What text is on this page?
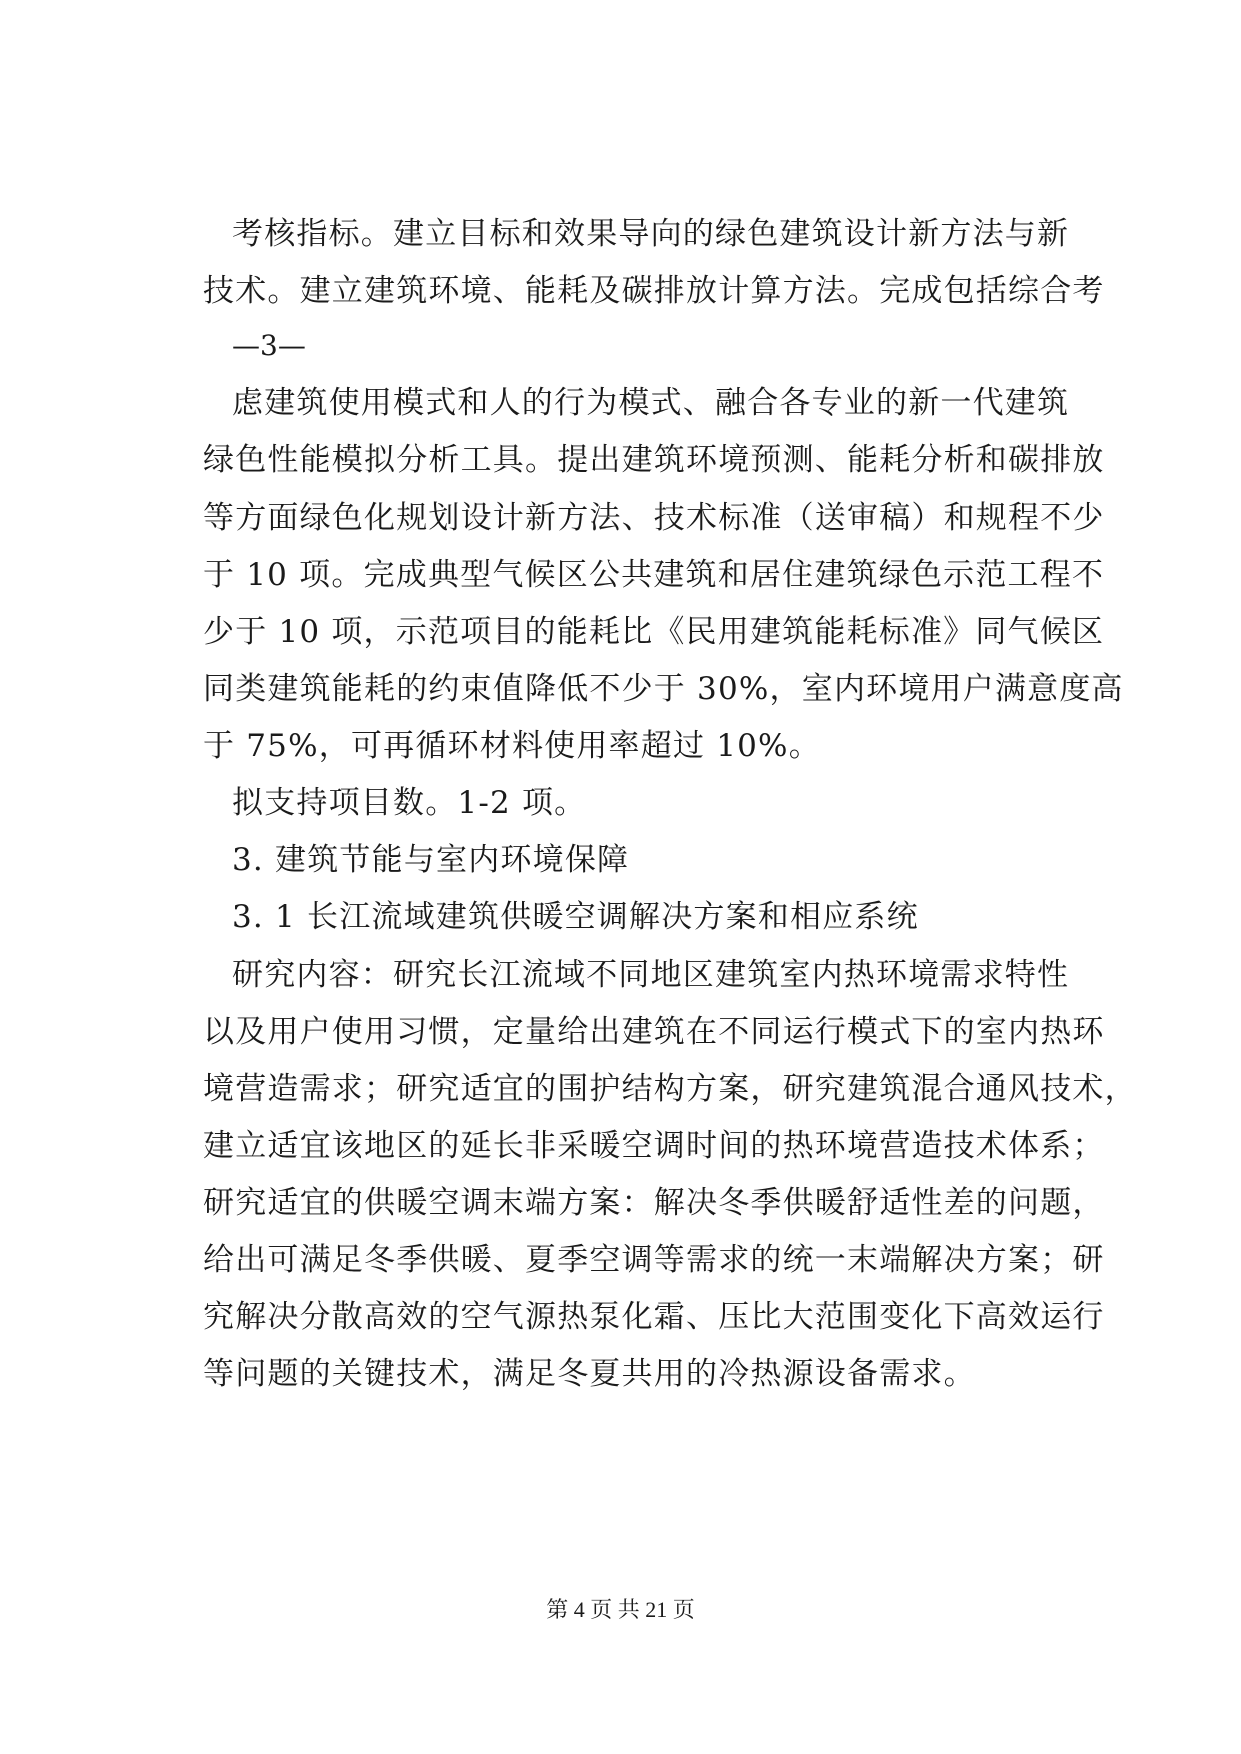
考核指标。建立目标和效果导向的绿色建筑设计新方法与新
技术。建立建筑环境、能耗及碳排放计算方法。完成包括综合考
—3—
虑建筑使用模式和人的行为模式、融合各专业的新一代建筑
绿色性能模拟分析工具。提出建筑环境预测、能耗分析和碳排放
等方面绿色化规划设计新方法、技术标准（送审稿）和规程不少
于 10 项。完成典型气候区公共建筑和居住建筑绿色示范工程不
少于 10 项，示范项目的能耗比《民用建筑能耗标准》同气候区
同类建筑能耗的约束值降低不少于 30%，室内环境用户满意度高
于 75%，可再循环材料使用率超过 10%。
拟支持项目数。1-2 项。
3. 建筑节能与室内环境保障
3. 1 长江流域建筑供暖空调解决方案和相应系统
研究内容：研究长江流域不同地区建筑室内热环境需求特性
以及用户使用习惯，定量给出建筑在不同运行模式下的室内热环
境营造需求；研究适宜的围护结构方案，研究建筑混合通风技术，
建立适宜该地区的延长非采暖空调时间的热环境营造技术体系；
研究适宜的供暖空调末端方案：解决冬季供暖舒适性差的问题，
给出可满足冬季供暖、夏季空调等需求的统一末端解决方案；研
究解决分散高效的空气源热泵化霜、压比大范围变化下高效运行
等问题的关键技术，满足冬夏共用的冷热源设备需求。
第 4 页 共 21 页
